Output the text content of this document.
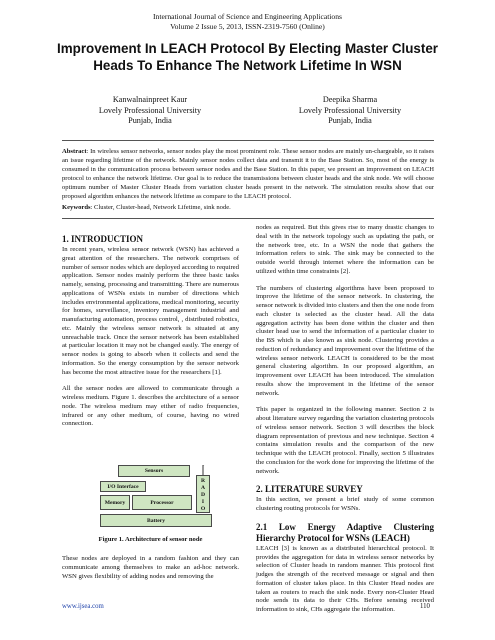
International Journal of Science and Engineering Applications
Volume 2 Issue 5, 2013, ISSN-2319-7560 (Online)
Improvement In LEACH Protocol By Electing Master Cluster Heads To Enhance The Network Lifetime In WSN
Kanwalnainpreet Kaur
Lovely Professional University
Punjab, India
Deepika Sharma
Lovely Professional University
Punjab, India
Abstract: In wireless sensor networks, sensor nodes play the most prominent role. These sensor nodes are mainly un-chargeable, so it raises an issue regarding lifetime of the network. Mainly sensor nodes collect data and transmit it to the Base Station. So, most of the energy is consumed in the communication process between sensor nodes and the Base Station. In this paper, we present an improvement on LEACH protocol to enhance the network lifetime. Our goal is to reduce the transmissions between cluster heads and the sink node. We will choose optimum number of Master Cluster Heads from variation cluster heads present in the network. The simulation results show that our proposed algorithm enhances the network lifetime as compare to the LEACH protocol.
Keywords: Cluster, Cluster-head, Network Lifetime, sink node.
1. INTRODUCTION

In recent years, wireless sensor network (WSN) has achieved a great attention of the researchers. The network comprises of number of sensor nodes which are deployed according to required application. Sensor nodes mainly perform the three basic tasks namely, sensing, processing and transmitting. There are numerous applications of WSNs exists in number of directions which includes environmental applications, medical monitoring, security for homes, surveillance, inventory management industrial and manufacturing automation, process control, , distributed robotics, etc. Mainly the wireless sensor network is situated at any unreachable track. Once the sensor network has been established at particular location it may not be changed easily. The energy of sensor nodes is going to absorb when it collects and send the information. So the energy consumption by the sensor network has become the most attractive issue for the researchers [1].

All the sensor nodes are allowed to communicate through a wireless medium. Figure 1. describes the architecture of a sensor node. The wireless medium may either of radio frequencies, infrared or any other medium, of course, having no wired connection.

Sensors
I/O Interface
Memory	Processor
Battery
R
A
D
I
O
Figure 1. Architecture of sensor node

These nodes are deployed in a random fashion and they can communicate among themselves to make an ad-hoc network. WSN gives flexibility of adding nodes and removing the

nodes as required. But this gives rise to many drastic changes to deal with in the network topology such as updating the path, or the network tree, etc. In a WSN the node that gathers the information refers to sink. The sink may be connected to the outside world through internet where the information can be utilized within time constraints [2].

The numbers of clustering algorithms have been proposed to improve the lifetime of the sensor network. In clustering, the sensor network is divided into clusters and then the one node from each cluster is selected as the cluster head. All the data aggregation activity has been done within the cluster and then cluster head use to send the information of a particular cluster to the BS which is also known as sink node. Clustering provides a reduction of redundancy and improvement over the lifetime of the wireless sensor network. LEACH is considered to be the most general clustering algorithm. In our proposed algorithm, an improvement over LEACH has been introduced. The simulation results show the improvement in the lifetime of the sensor network.

This paper is organized in the following manner. Section 2 is about literature survey regarding the variation clustering protocols of wireless sensor network. Section 3 will describes the block diagram representation of previous and new technique. Section 4 contains simulation results and the comparison of the new technique with the LEACH protocol. Finally, section 5 illustrates the conclusion for the work done for improving the lifetime of the network.

2. LITERATURE SURVEY

In this section, we present a brief study of some common clustering routing protocols for WSNs.

2.1 Low Energy Adaptive Clustering Hierarchy Protocol for WSNs (LEACH)

LEACH [3] is known as a distributed hierarchical protocol. It provides the aggregation for data in wireless sensor networks by selection of Cluster heads in random manner. This protocol first judges the strength of the received message or signal and then formation of cluster takes place. In this Cluster Head nodes are taken as routers to reach the sink node. Every non-Cluster Head node sends its data to their CHs. Before sensing received information to sink, CHs aggregate the information.

www.ijsea.com	110
